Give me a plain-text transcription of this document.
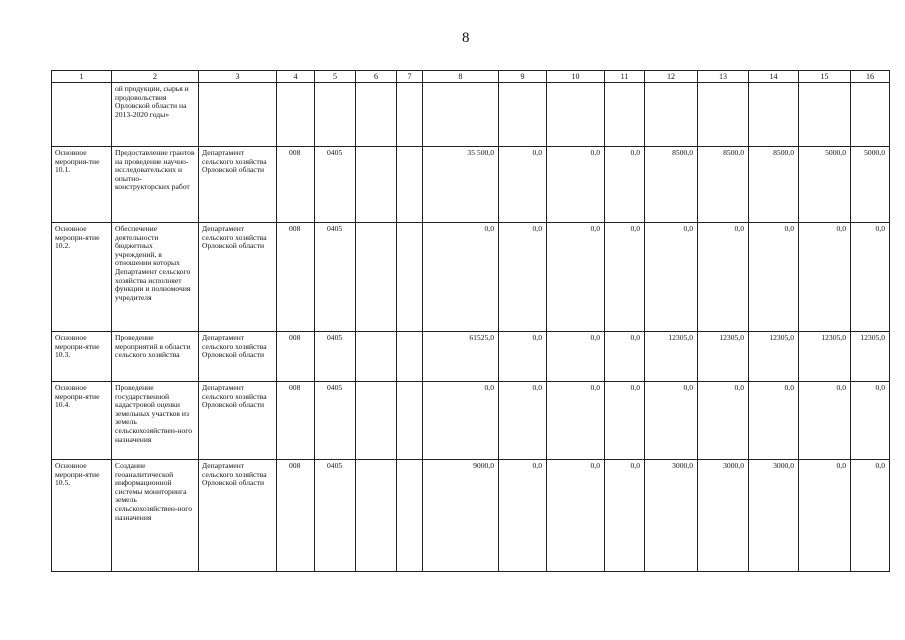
8
1	2	3	4	5	6	7	8	9	10	11	12	13	14	15	16
	ой продукции, сырья и продовольствия Орловской области на 2013-2020 годы»														
Основное мероприя-тие 10.1.	Предоставление грантов на проведение научно-исследовательских и опытно-конструкторских работ	Департамент сельского хозяйства Орловской области	008	0405			35 500,0	0,0	0,0	0,0	8500,0	8500,0	8500,0	5000,0	5000,0
Основное меропри-ятие 10.2.	Обеспечение деятельности бюджетных учреждений, в отношении которых Департамент сельского хозяйства исполняет функции и полномочия учредителя	Департамент сельского хозяйства Орловской области	008	0405			0,0	0,0	0,0	0,0	0,0	0,0	0,0	0,0	0,0
Основное меропри-ятие 10.3.	Проведение мероприятий в области сельского хозяйства	Департамент сельского хозяйства Орловской области	008	0405			61525,0	0,0	0,0	0,0	12305,0	12305,0	12305,0	12305,0	12305,0
Основное меропри-ятие 10.4.	Проведение государственной кадастровой оценки земельных участков из земель сельскохозяйствен-ного назначения	Департамент сельского хозяйства Орловской области	008	0405			0,0	0,0	0,0	0,0	0,0	0,0	0,0	0,0	0,0
Основное меропри-ятие 10.5.	Создание геоаналитической информационной системы мониторинга земель сельскохозяйствен-ного назначения	Департамент сельского хозяйства Орловской области	008	0405			9000,0	0,0	0,0	0,0	3000,0	3000,0	3000,0	0,0	0,0
